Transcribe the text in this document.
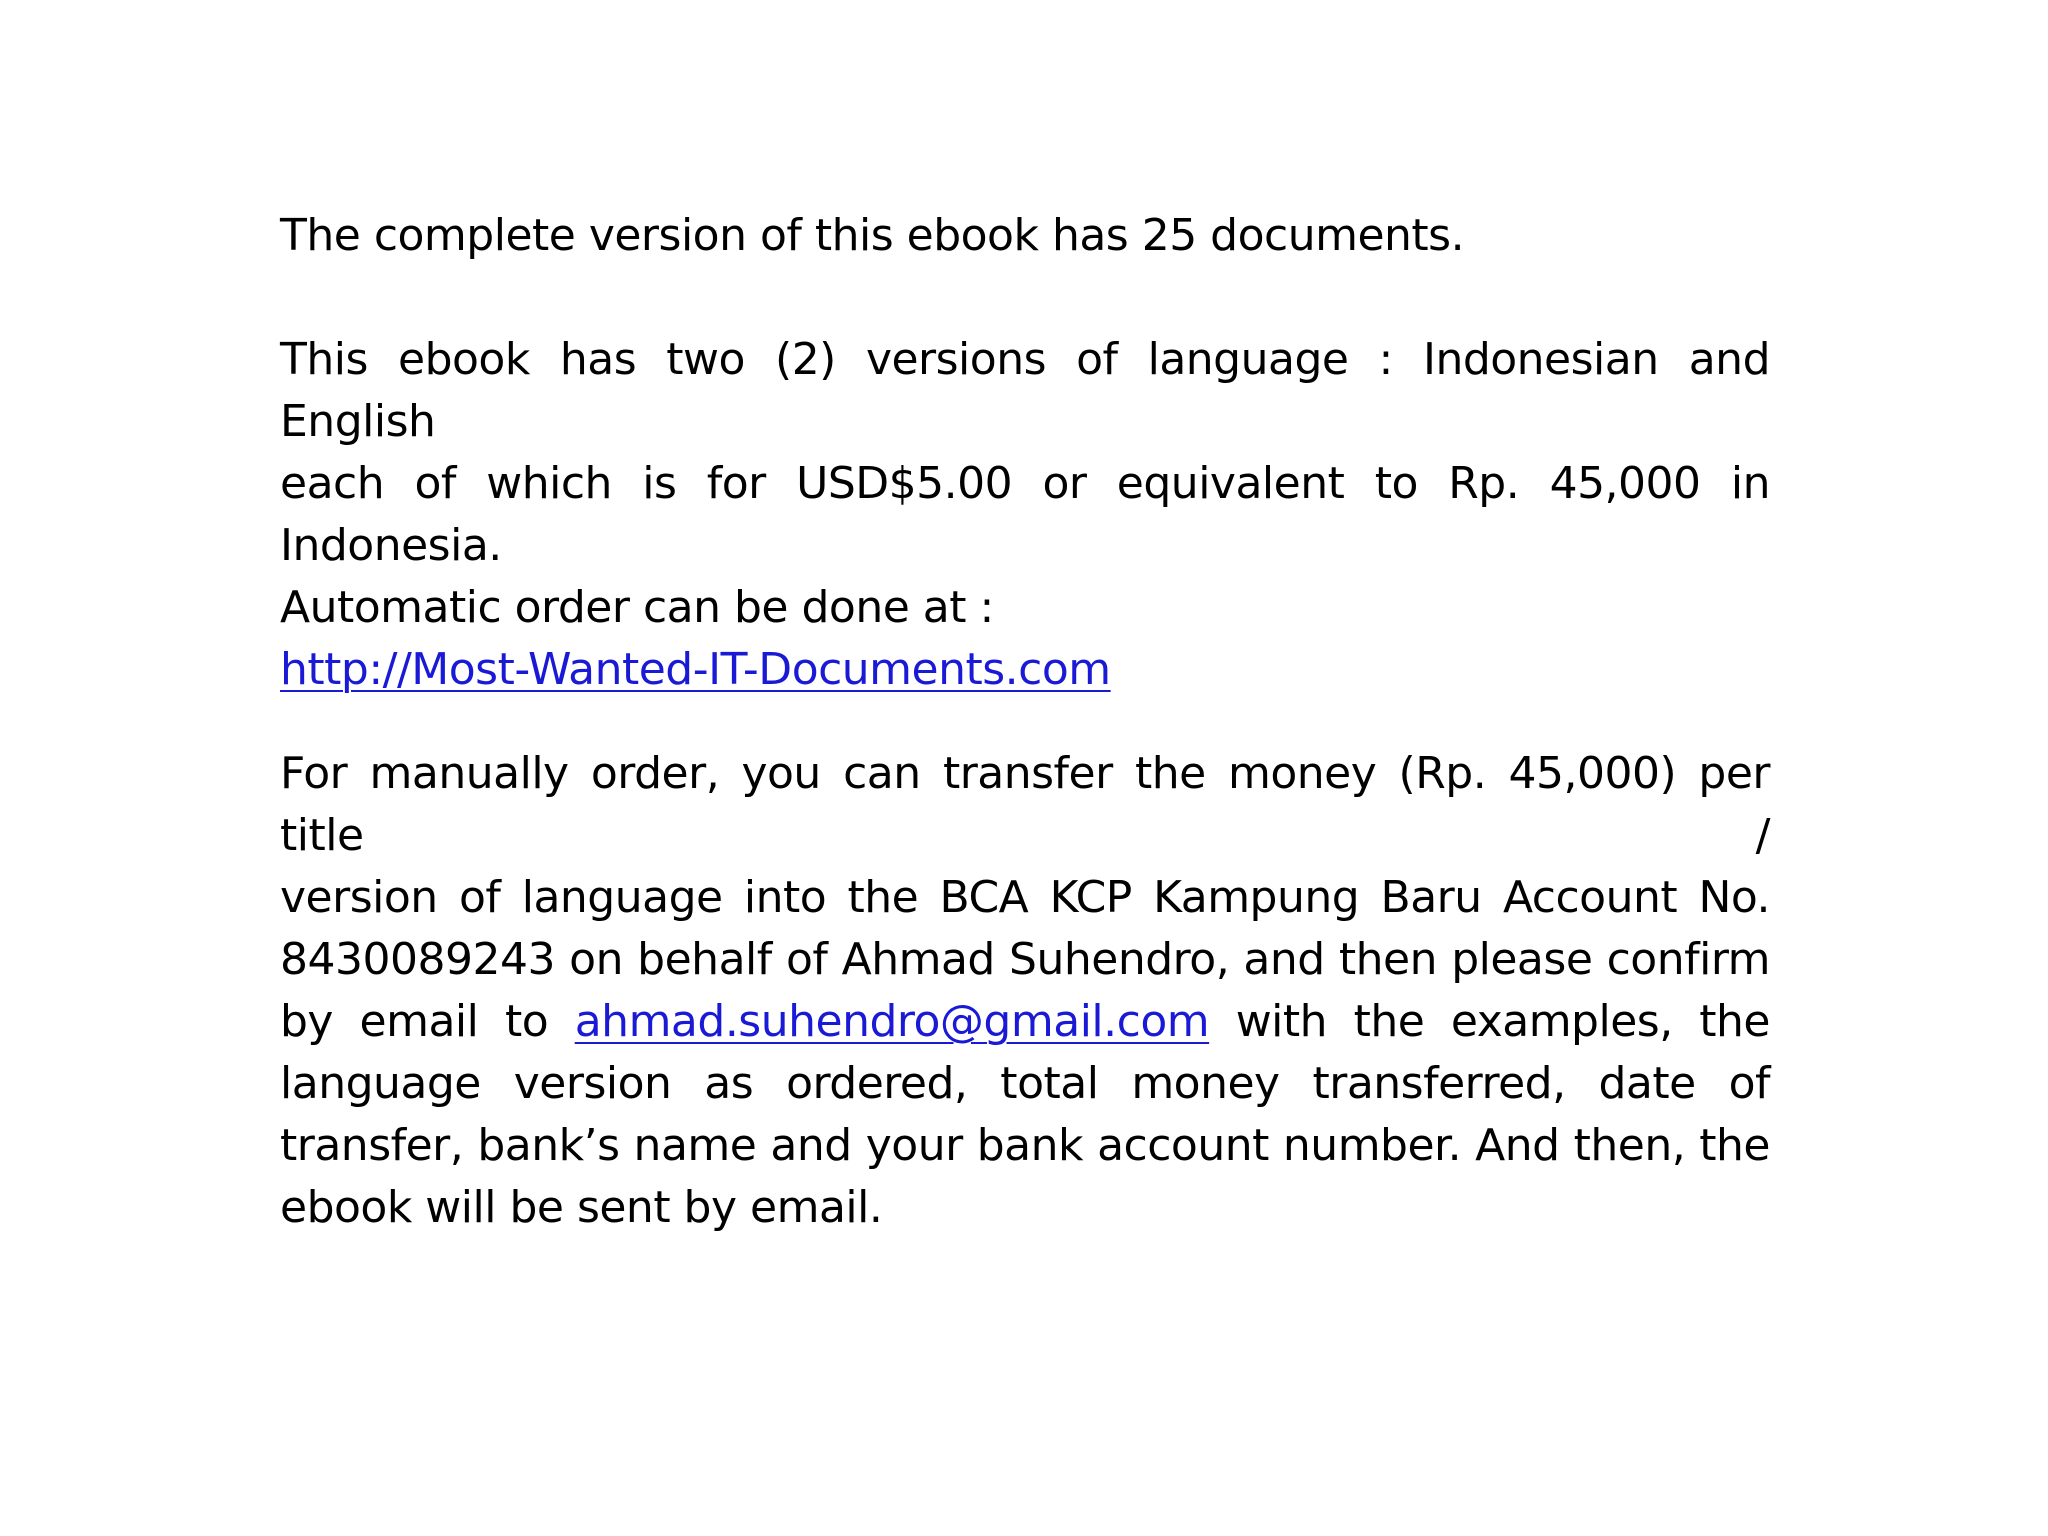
The complete version of this ebook has 25 documents.

This ebook has two (2) versions of language : Indonesian and English
each of which is for USD$5.00 or equivalent to Rp. 45,000 in Indonesia.
Automatic order can be done at :
http://Most-Wanted-IT-Documents.com

For manually order, you can transfer the money (Rp. 45,000) per title /
version of language into the BCA KCP Kampung Baru Account No.
8430089243 on behalf of Ahmad Suhendro, and then please confirm
by email to ahmad.suhendro@gmail.com with the examples, the
language version as ordered, total money transferred, date of
transfer, bank’s name and your bank account number. And then, the
ebook will be sent by email.
